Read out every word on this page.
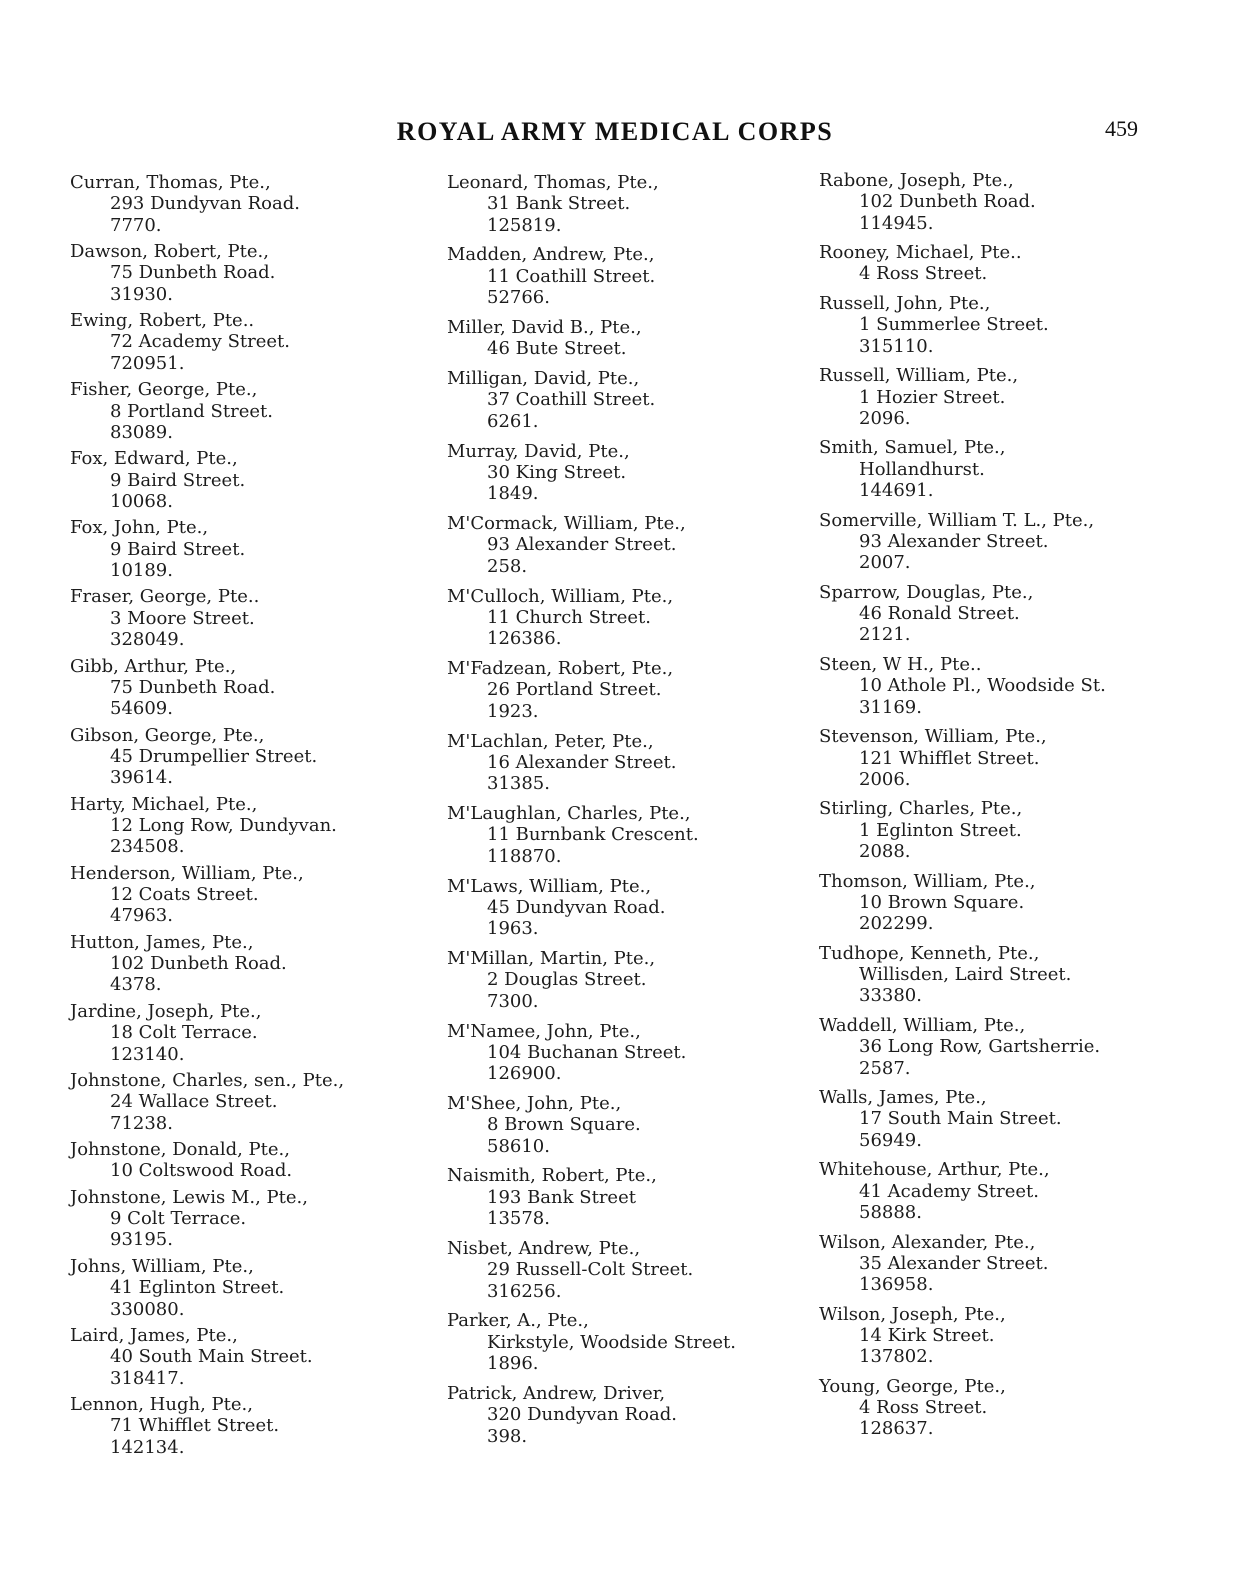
ROYAL ARMY MEDICAL CORPS	459
Curran, Thomas, Pte.,
293 Dundyvan Road.
7770.
Dawson, Robert, Pte.,
75 Dunbeth Road.
31930.
Ewing, Robert, Pte..
72 Academy Street.
720951.
Fisher, George, Pte.,
8 Portland Street.
83089.
Fox, Edward, Pte.,
9 Baird Street.
10068.
Fox, John, Pte.,
9 Baird Street.
10189.
Fraser, George, Pte..
3 Moore Street.
328049.
Gibb, Arthur, Pte.,
75 Dunbeth Road.
54609.
Gibson, George, Pte.,
45 Drumpellier Street.
39614.
Harty, Michael, Pte.,
12 Long Row, Dundyvan.
234508.
Henderson, William, Pte.,
12 Coats Street.
47963.
Hutton, James, Pte.,
102 Dunbeth Road.
4378.
Jardine, Joseph, Pte.,
18 Colt Terrace.
123140.
Johnstone, Charles, sen., Pte.,
24 Wallace Street.
71238.
Johnstone, Donald, Pte.,
10 Coltswood Road.
Johnstone, Lewis M., Pte.,
9 Colt Terrace.
93195.
Johns, William, Pte.,
41 Eglinton Street.
330080.
Laird, James, Pte.,
40 South Main Street.
318417.
Lennon, Hugh, Pte.,
71 Whifflet Street.
142134.
Leonard, Thomas, Pte.,
31 Bank Street.
125819.
Madden, Andrew, Pte.,
11 Coathill Street.
52766.
Miller, David B., Pte.,
46 Bute Street.
Milligan, David, Pte.,
37 Coathill Street.
6261.
Murray, David, Pte.,
30 King Street.
1849.
M'Cormack, William, Pte.,
93 Alexander Street.
258.
M'Culloch, William, Pte.,
11 Church Street.
126386.
M'Fadzean, Robert, Pte.,
26 Portland Street.
1923.
M'Lachlan, Peter, Pte.,
16 Alexander Street.
31385.
M'Laughlan, Charles, Pte.,
11 Burnbank Crescent.
118870.
M'Laws, William, Pte.,
45 Dundyvan Road.
1963.
M'Millan, Martin, Pte.,
2 Douglas Street.
7300.
M'Namee, John, Pte.,
104 Buchanan Street.
126900.
M'Shee, John, Pte.,
8 Brown Square.
58610.
Naismith, Robert, Pte.,
193 Bank Street
13578.
Nisbet, Andrew, Pte.,
29 Russell-Colt Street.
316256.
Parker, A., Pte.,
Kirkstyle, Woodside Street.
1896.
Patrick, Andrew, Driver,
320 Dundyvan Road.
398.
Rabone, Joseph, Pte.,
102 Dunbeth Road.
114945.
Rooney, Michael, Pte..
4 Ross Street.
Russell, John, Pte.,
1 Summerlee Street.
315110.
Russell, William, Pte.,
1 Hozier Street.
2096.
Smith, Samuel, Pte.,
Hollandhurst.
144691.
Somerville, William T. L., Pte.,
93 Alexander Street.
2007.
Sparrow, Douglas, Pte.,
46 Ronald Street.
2121.
Steen, W H., Pte..
10 Athole Pl., Woodside St.
31169.
Stevenson, William, Pte.,
121 Whifflet Street.
2006.
Stirling, Charles, Pte.,
1 Eglinton Street.
2088.
Thomson, William, Pte.,
10 Brown Square.
202299.
Tudhope, Kenneth, Pte.,
Willisden, Laird Street.
33380.
Waddell, William, Pte.,
36 Long Row, Gartsherrie.
2587.
Walls, James, Pte.,
17 South Main Street.
56949.
Whitehouse, Arthur, Pte.,
41 Academy Street.
58888.
Wilson, Alexander, Pte.,
35 Alexander Street.
136958.
Wilson, Joseph, Pte.,
14 Kirk Street.
137802.
Young, George, Pte.,
4 Ross Street.
128637.
